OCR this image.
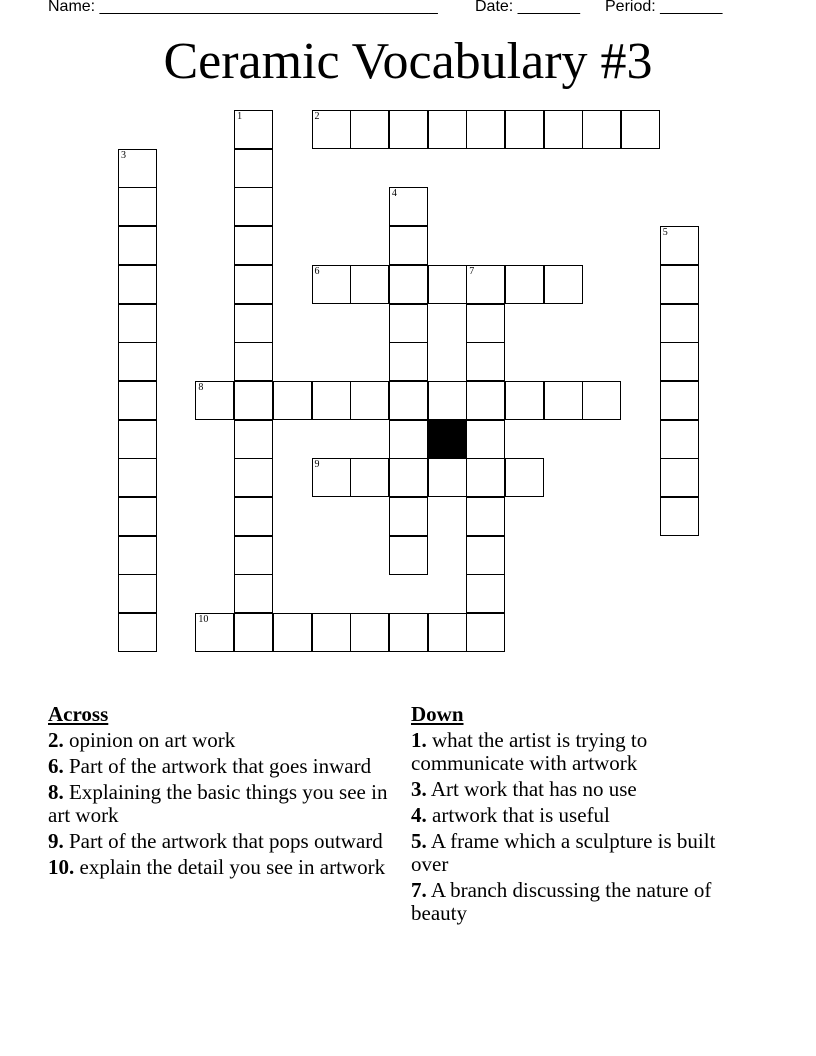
Name: ______________________________________ Date: _______ Period: _______
Ceramic Vocabulary #3
1	2
3
4
5
6	7
8
9
10
Across
2. opinion on art work
6. Part of the artwork that goes inward
8. Explaining the basic things you see in art work
9. Part of the artwork that pops outward
10. explain the detail you see in artwork
Down
1. what the artist is trying to communicate with artwork
3. Art work that has no use
4. artwork that is useful
5. A frame which a sculpture is built over
7. A branch discussing the nature of beauty
